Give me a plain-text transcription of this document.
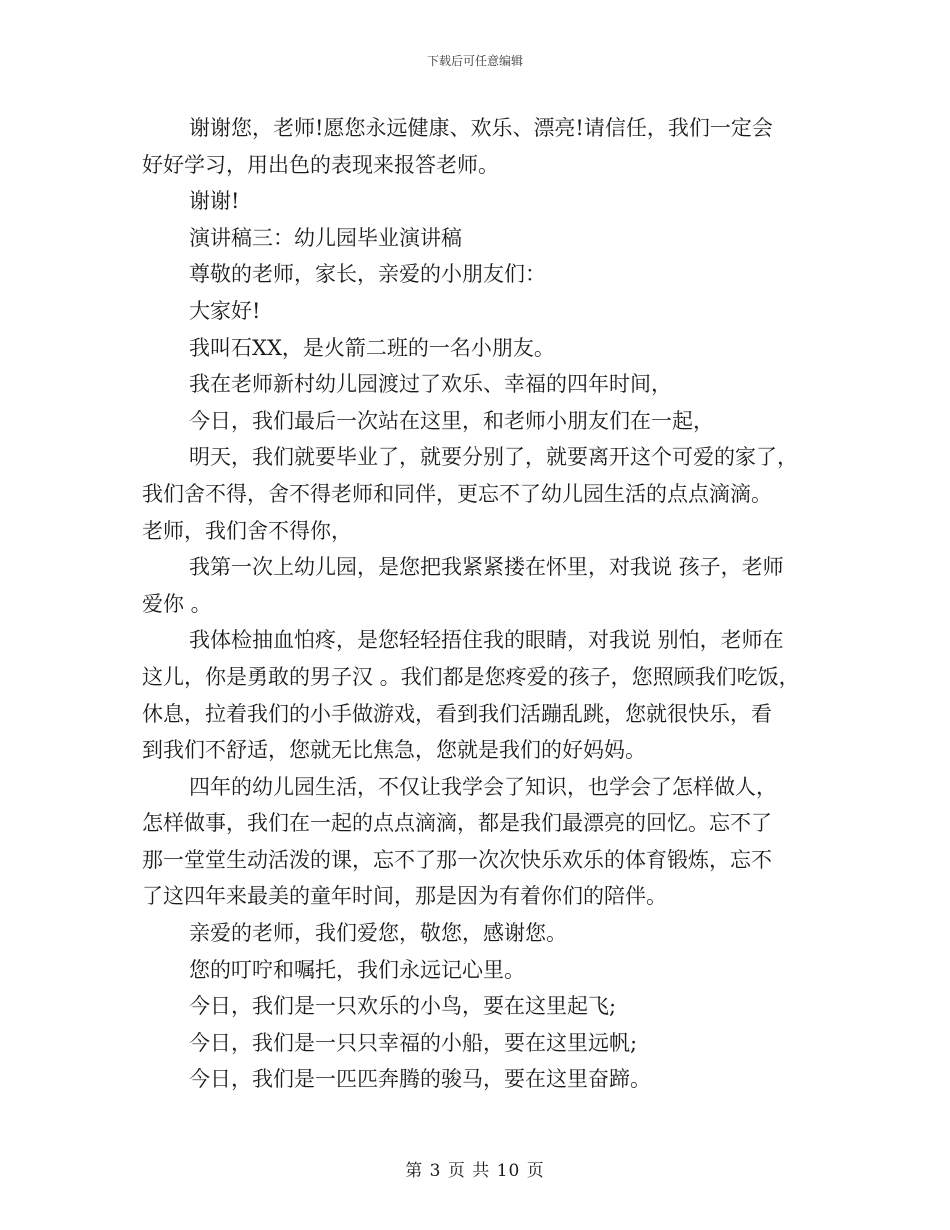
下载后可任意编辑

谢谢您，老师!愿您永远健康、欢乐、漂亮!请信任，我们一定会

好好学习，用出色的表现来报答老师。

谢谢!

演讲稿三：幼儿园毕业演讲稿

尊敬的老师，家长，亲爱的小朋友们：

大家好!

我叫石XX，是火箭二班的一名小朋友。

我在老师新村幼儿园渡过了欢乐、幸福的四年时间，

今日，我们最后一次站在这里，和老师小朋友们在一起，

明天，我们就要毕业了，就要分别了，就要离开这个可爱的家了，

我们舍不得，舍不得老师和同伴，更忘不了幼儿园生活的点点滴滴。

老师，我们舍不得你，

我第一次上幼儿园，是您把我紧紧搂在怀里，对我说 孩子，老师

爱你 。

我体检抽血怕疼，是您轻轻捂住我的眼睛，对我说 别怕，老师在

这儿，你是勇敢的男子汉 。我们都是您疼爱的孩子，您照顾我们吃饭，

休息，拉着我们的小手做游戏，看到我们活蹦乱跳，您就很快乐，看

到我们不舒适，您就无比焦急，您就是我们的好妈妈。

四年的幼儿园生活，不仅让我学会了知识，也学会了怎样做人，

怎样做事，我们在一起的点点滴滴，都是我们最漂亮的回忆。忘不了

那一堂堂生动活泼的课，忘不了那一次次快乐欢乐的体育锻炼，忘不

了这四年来最美的童年时间，那是因为有着你们的陪伴。

亲爱的老师，我们爱您，敬您，感谢您。

您的叮咛和嘱托，我们永远记心里。

今日，我们是一只欢乐的小鸟，要在这里起飞;

今日，我们是一只只幸福的小船，要在这里远帆;

今日，我们是一匹匹奔腾的骏马，要在这里奋蹄。

第 3 页 共 10 页
